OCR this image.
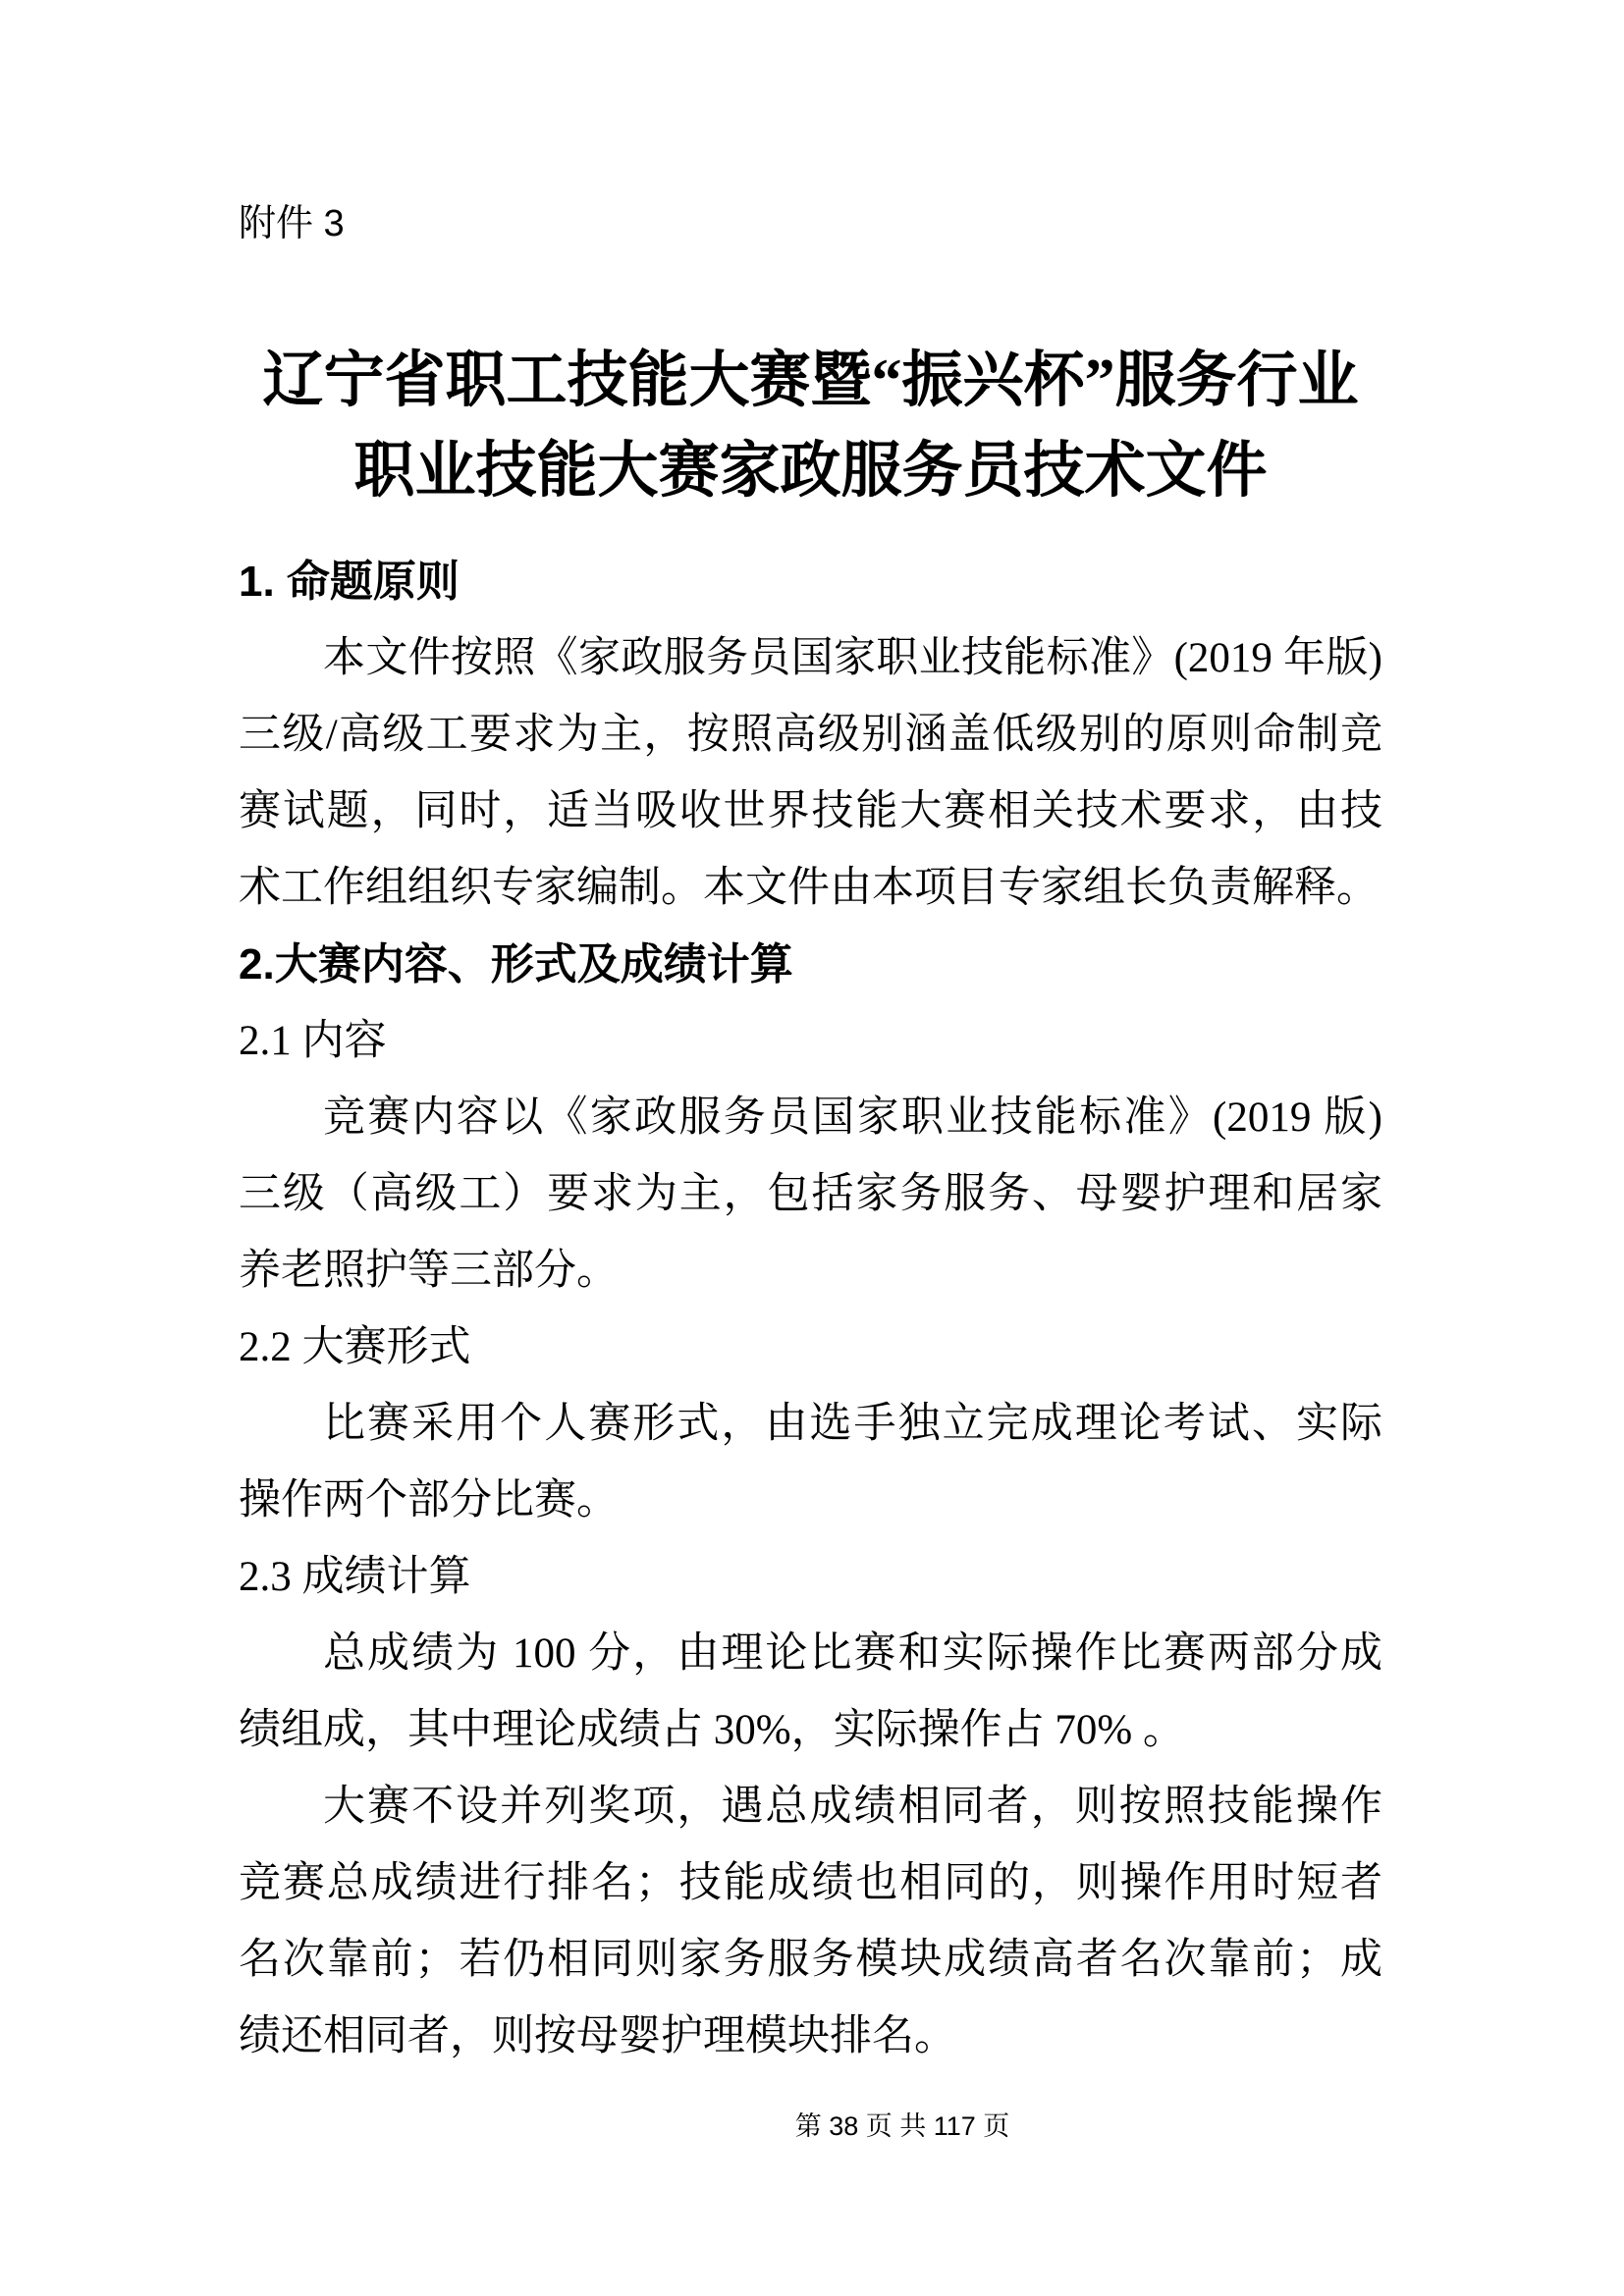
附件 3
辽宁省职工技能大赛暨“振兴杯”服务行业
职业技能大赛家政服务员技术文件
1. 命题原则
本文件按照《家政服务员国家职业技能标准》(2019 年版)
三级/高级工要求为主，按照高级别涵盖低级别的原则命制竞
赛试题，同时，适当吸收世界技能大赛相关技术要求，由技
术工作组组织专家编制。本文件由本项目专家组长负责解释。
2.大赛内容、形式及成绩计算
2.1 内容
竞赛内容以《家政服务员国家职业技能标准》(2019 版)
三级（高级工）要求为主，包括家务服务、母婴护理和居家
养老照护等三部分。
2.2 大赛形式
比赛采用个人赛形式，由选手独立完成理论考试、实际
操作两个部分比赛。
2.3 成绩计算
总成绩为 100 分，由理论比赛和实际操作比赛两部分成
绩组成，其中理论成绩占 30%，实际操作占 70% 。
大赛不设并列奖项，遇总成绩相同者，则按照技能操作
竞赛总成绩进行排名；技能成绩也相同的，则操作用时短者
名次靠前；若仍相同则家务服务模块成绩高者名次靠前；成
绩还相同者，则按母婴护理模块排名。
第 38 页 共 117 页
